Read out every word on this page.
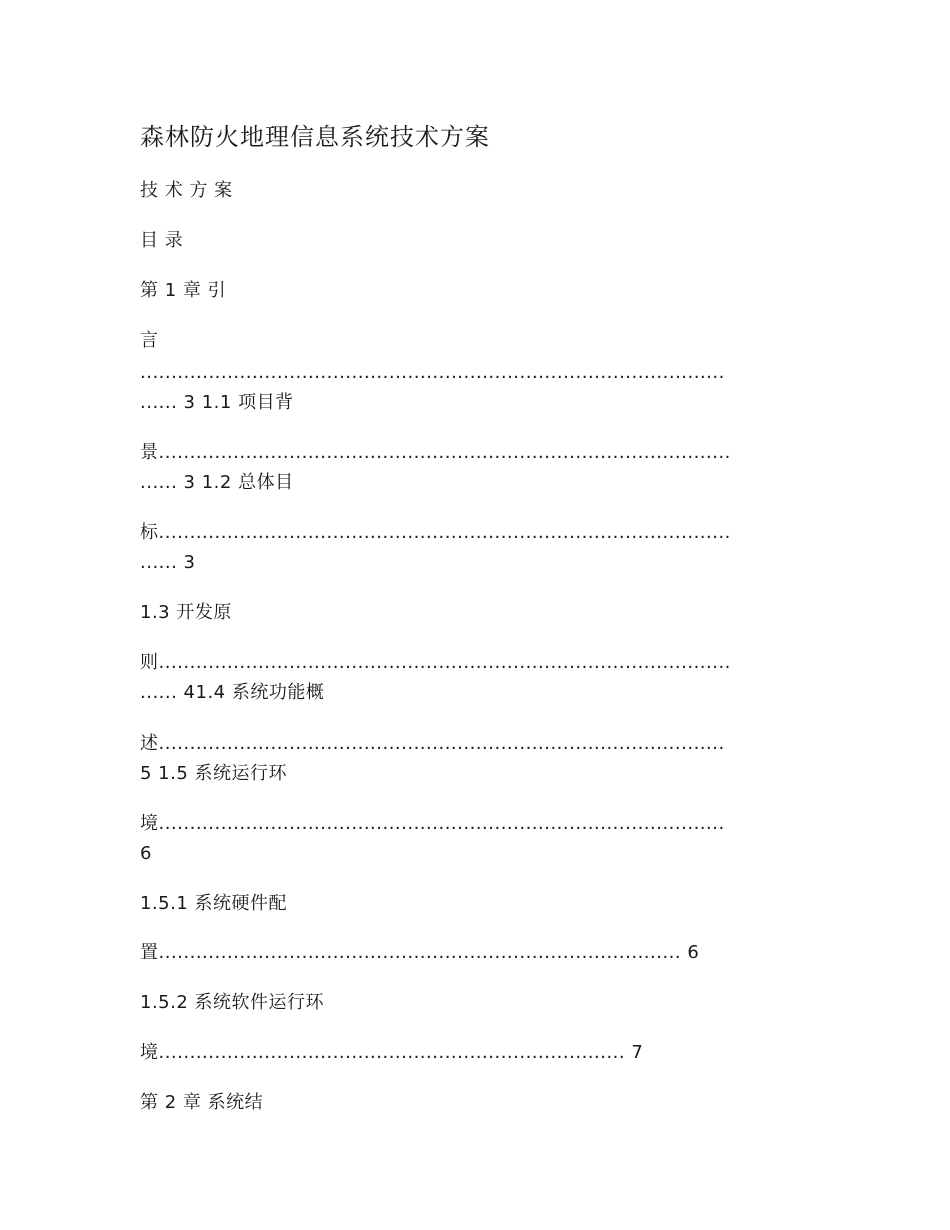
森林防火地理信息系统技术方案
技 术 方 案
目 录
第 1 章 引
言
..............................................................................................
...... 3 1.1 项目背
景............................................................................................
...... 3 1.2 总体目
标............................................................................................
...... 3
1.3 开发原
则............................................................................................
...... 41.4 系统功能概
述...........................................................................................
5 1.5 系统运行环
境...........................................................................................
6
1.5.1 系统硬件配
置.................................................................................... 6
1.5.2 系统软件运行环
境........................................................................... 7
第 2 章 系统结
